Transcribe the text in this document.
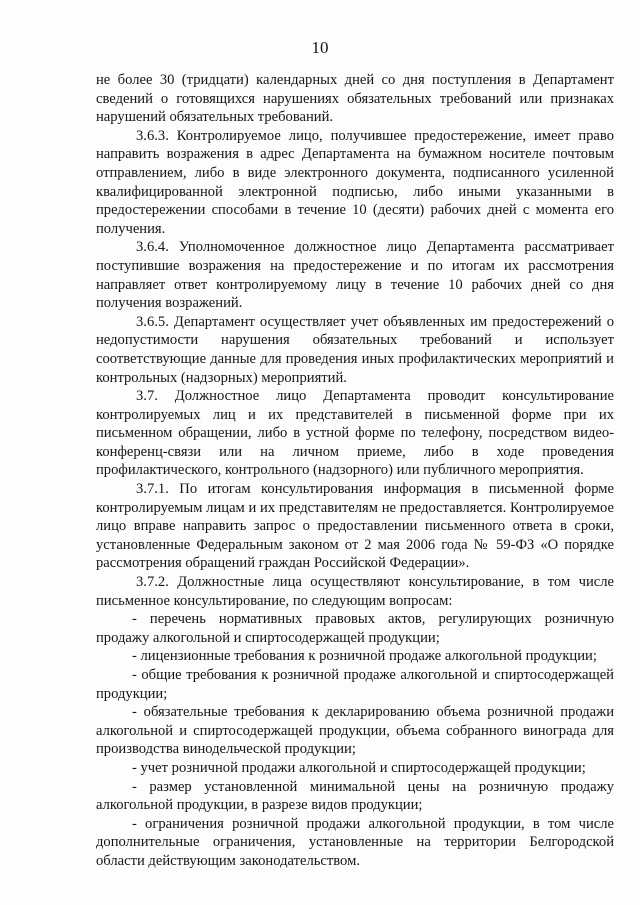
10

не более 30 (тридцати) календарных дней со дня поступления в Департамент сведений о готовящихся нарушениях обязательных требований или признаках нарушений обязательных требований.

3.6.3. Контролируемое лицо, получившее предостережение, имеет право направить возражения в адрес Департамента на бумажном носителе почтовым отправлением, либо в виде электронного документа, подписанного усиленной квалифицированной электронной подписью, либо иными указанными в предостережении способами в течение 10 (десяти) рабочих дней с момента его получения.

3.6.4. Уполномоченное должностное лицо Департамента рассматривает поступившие возражения на предостережение и по итогам их рассмотрения направляет ответ контролируемому лицу в течение 10 рабочих дней со дня получения возражений.

3.6.5. Департамент осуществляет учет объявленных им предостережений о недопустимости нарушения обязательных требований и использует соответствующие данные для проведения иных профилактических мероприятий и контрольных (надзорных) мероприятий.

3.7. Должностное лицо Департамента проводит консультирование контролируемых лиц и их представителей в письменной форме при их письменном обращении, либо в устной форме по телефону, посредством видео-конференц-связи или на личном приеме, либо в ходе проведения профилактического, контрольного (надзорного) или публичного мероприятия.

3.7.1. По итогам консультирования информация в письменной форме контролируемым лицам и их представителям не предоставляется. Контролируемое лицо вправе направить запрос о предоставлении письменного ответа в сроки, установленные Федеральным законом от 2 мая 2006 года № 59-ФЗ «О порядке рассмотрения обращений граждан Российской Федерации».

3.7.2. Должностные лица осуществляют консультирование, в том числе письменное консультирование, по следующим вопросам:

- перечень нормативных правовых актов, регулирующих розничную продажу алкогольной и спиртосодержащей продукции;

- лицензионные требования к розничной продаже алкогольной продукции;

- общие требования к розничной продаже алкогольной и спиртосодержащей продукции;

- обязательные требования к декларированию объема розничной продажи алкогольной и спиртосодержащей продукции, объема собранного винограда для производства винодельческой продукции;

- учет розничной продажи алкогольной и спиртосодержащей продукции;

- размер установленной минимальной цены на розничную продажу алкогольной продукции, в разрезе видов продукции;

- ограничения розничной продажи алкогольной продукции, в том числе дополнительные ограничения, установленные на территории Белгородской области действующим законодательством.
